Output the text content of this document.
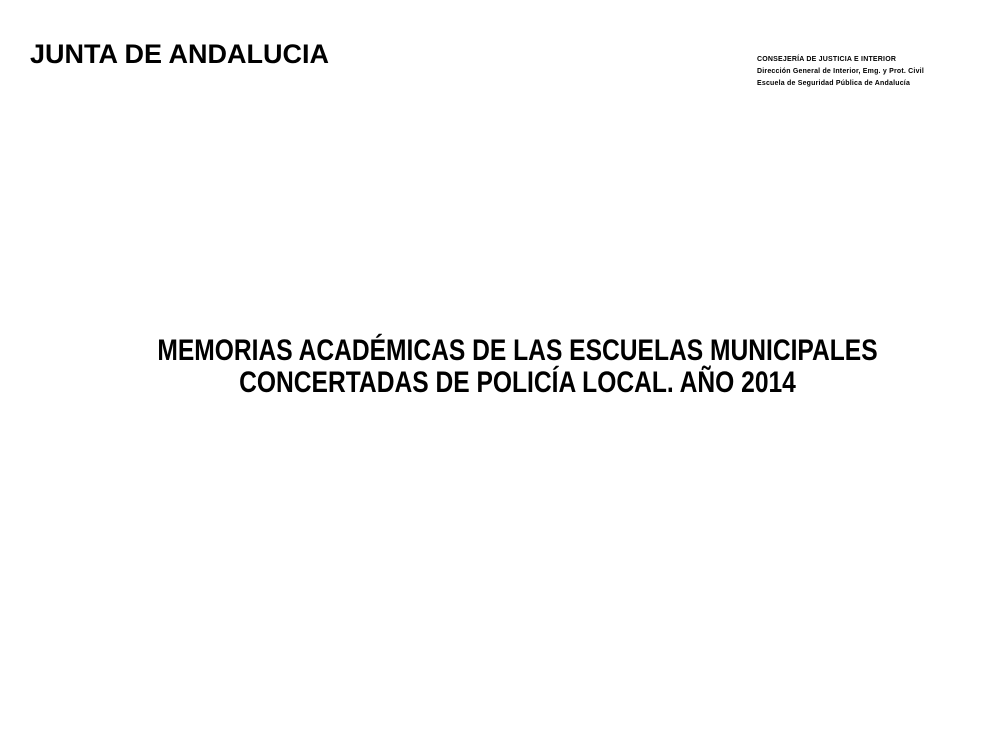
JUNTA DE ANDALUCIA	CONSEJERÍA DE JUSTICIA E INTERIOR
Dirección General de Interior, Emg. y Prot. Civil
Escuela de Seguridad Pública de Andalucía
MEMORIAS ACADÉMICAS DE LAS ESCUELAS MUNICIPALES
CONCERTADAS DE POLICÍA LOCAL. AÑO 2014
